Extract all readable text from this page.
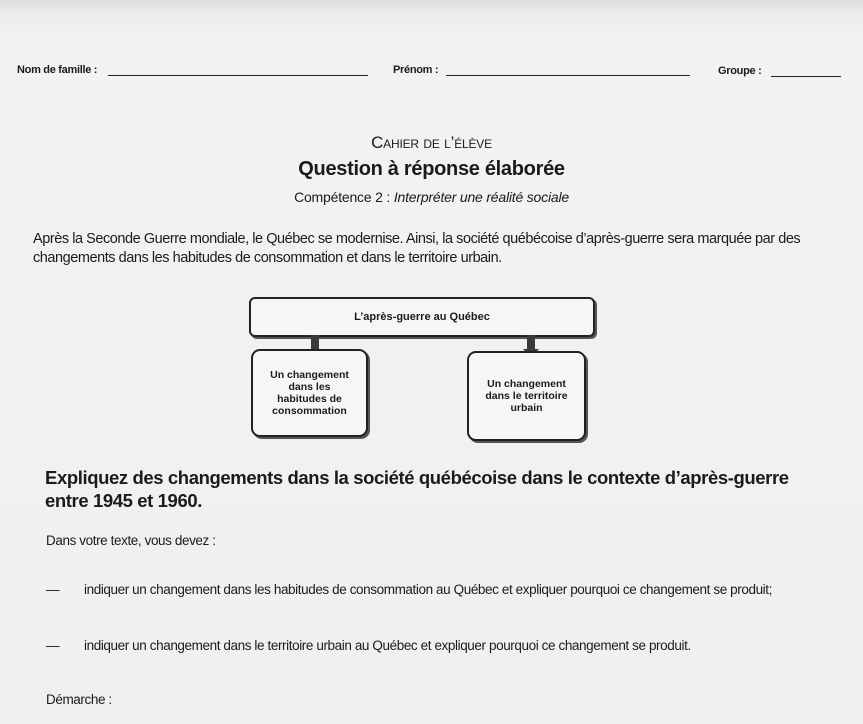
Nom de famille :	Prénom :	Groupe :
Cahier de l’élève
Question à réponse élaborée
Compétence 2 : Interpréter une réalité sociale
Après la Seconde Guerre mondiale, le Québec se modernise. Ainsi, la société québécoise d’après-guerre sera marquée par des changements dans les habitudes de consommation et dans le territoire urbain.
L’après-guerre au Québec
Un changement dans les habitudes de consommation
Un changement dans le territoire urbain
Expliquez des changements dans la société québécoise dans le contexte d’après-guerre entre 1945 et 1960.
Dans votre texte, vous devez :
— indiquer un changement dans les habitudes de consommation au Québec et expliquer pourquoi ce changement se produit;
— indiquer un changement dans le territoire urbain au Québec et expliquer pourquoi ce changement se produit.
Démarche :
